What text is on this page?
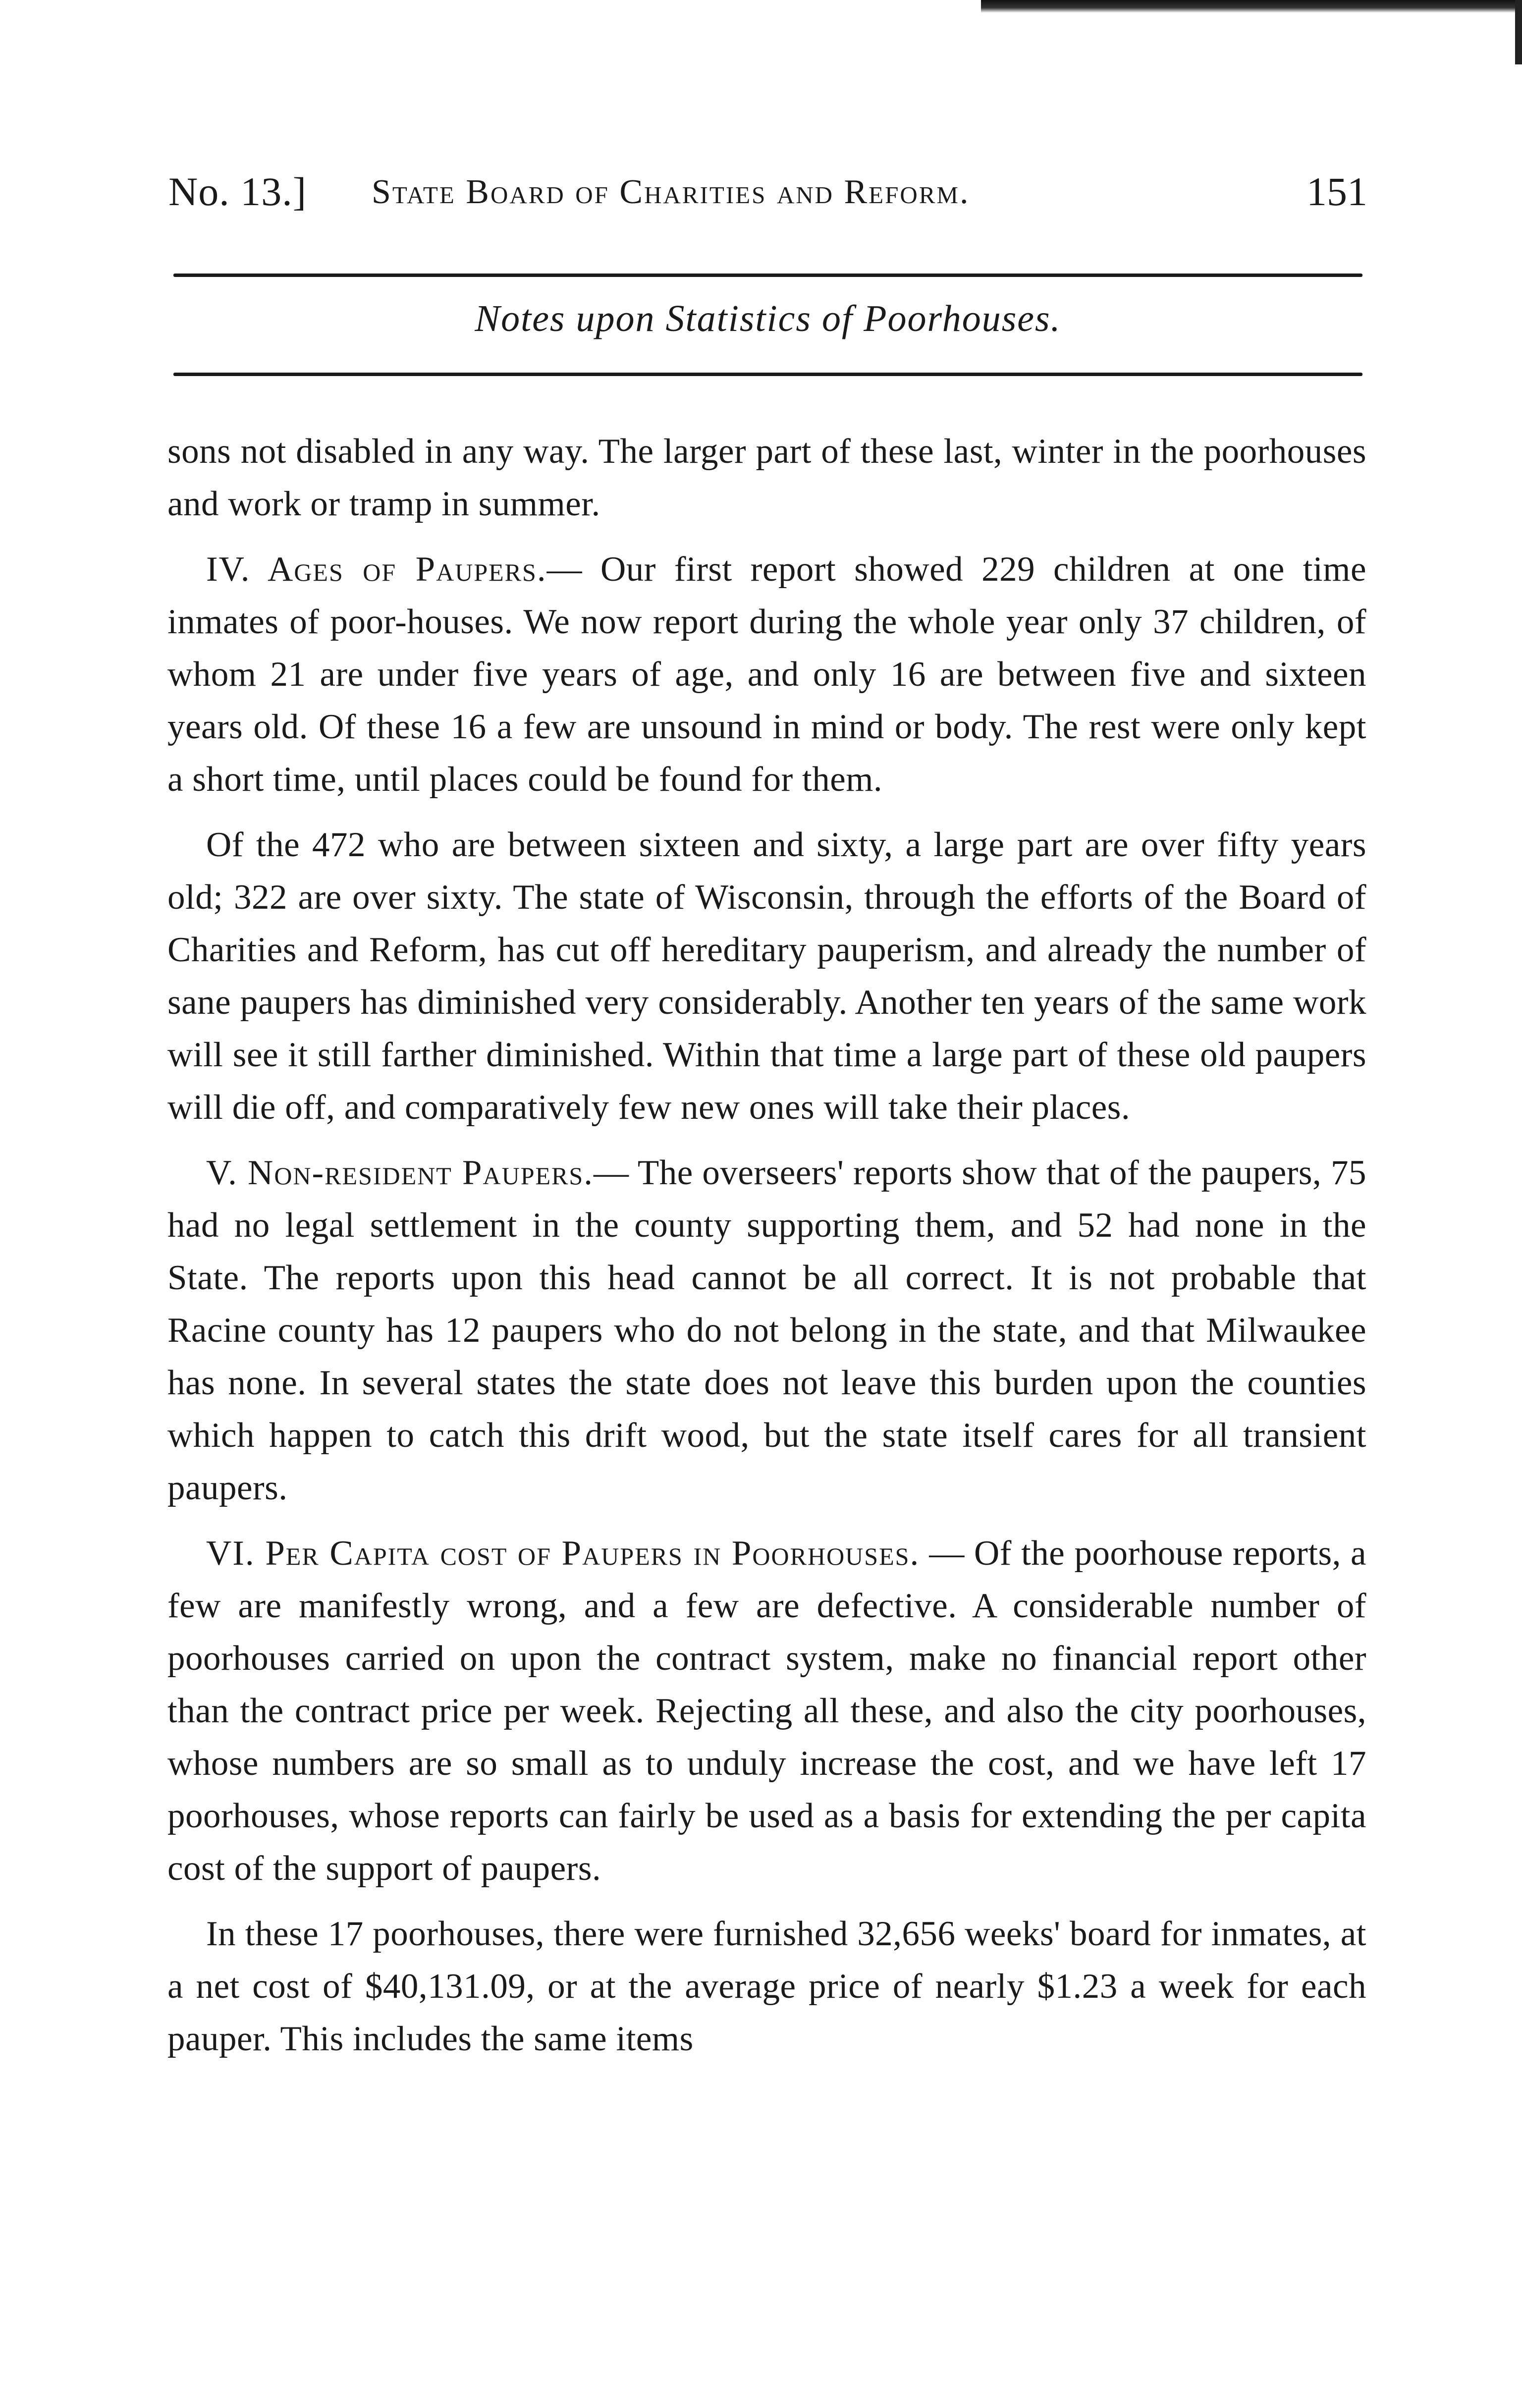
No. 13.] State Board of Charities and Reform.	151
Notes upon Statistics of Poorhouses.

sons not disabled in any way. The larger part of these last, winter in the poorhouses and work or tramp in summer.

IV. Ages of Paupers.— Our first report showed 229 children at one time inmates of poor-houses. We now report during the whole year only 37 children, of whom 21 are under five years of age, and only 16 are between five and sixteen years old. Of these 16 a few are unsound in mind or body. The rest were only kept a short time, until places could be found for them.

Of the 472 who are between sixteen and sixty, a large part are over fifty years old; 322 are over sixty. The state of Wisconsin, through the efforts of the Board of Charities and Reform, has cut off hereditary pauperism, and already the number of sane paupers has diminished very considerably. Another ten years of the same work will see it still farther diminished. Within that time a large part of these old paupers will die off, and comparatively few new ones will take their places.

V. Non-resident Paupers.— The overseers' reports show that of the paupers, 75 had no legal settlement in the county supporting them, and 52 had none in the State. The reports upon this head cannot be all correct. It is not probable that Racine county has 12 paupers who do not belong in the state, and that Milwaukee has none. In several states the state does not leave this burden upon the counties which happen to catch this drift wood, but the state itself cares for all transient paupers.

VI. Per Capita cost of Paupers in Poorhouses. — Of the poorhouse reports, a few are manifestly wrong, and a few are defective. A considerable number of poorhouses carried on upon the contract system, make no financial report other than the contract price per week. Rejecting all these, and also the city poorhouses, whose numbers are so small as to unduly increase the cost, and we have left 17 poorhouses, whose reports can fairly be used as a basis for extending the per capita cost of the support of paupers.

In these 17 poorhouses, there were furnished 32,656 weeks' board for inmates, at a net cost of $40,131.09, or at the average price of nearly $1.23 a week for each pauper. This includes the same items
